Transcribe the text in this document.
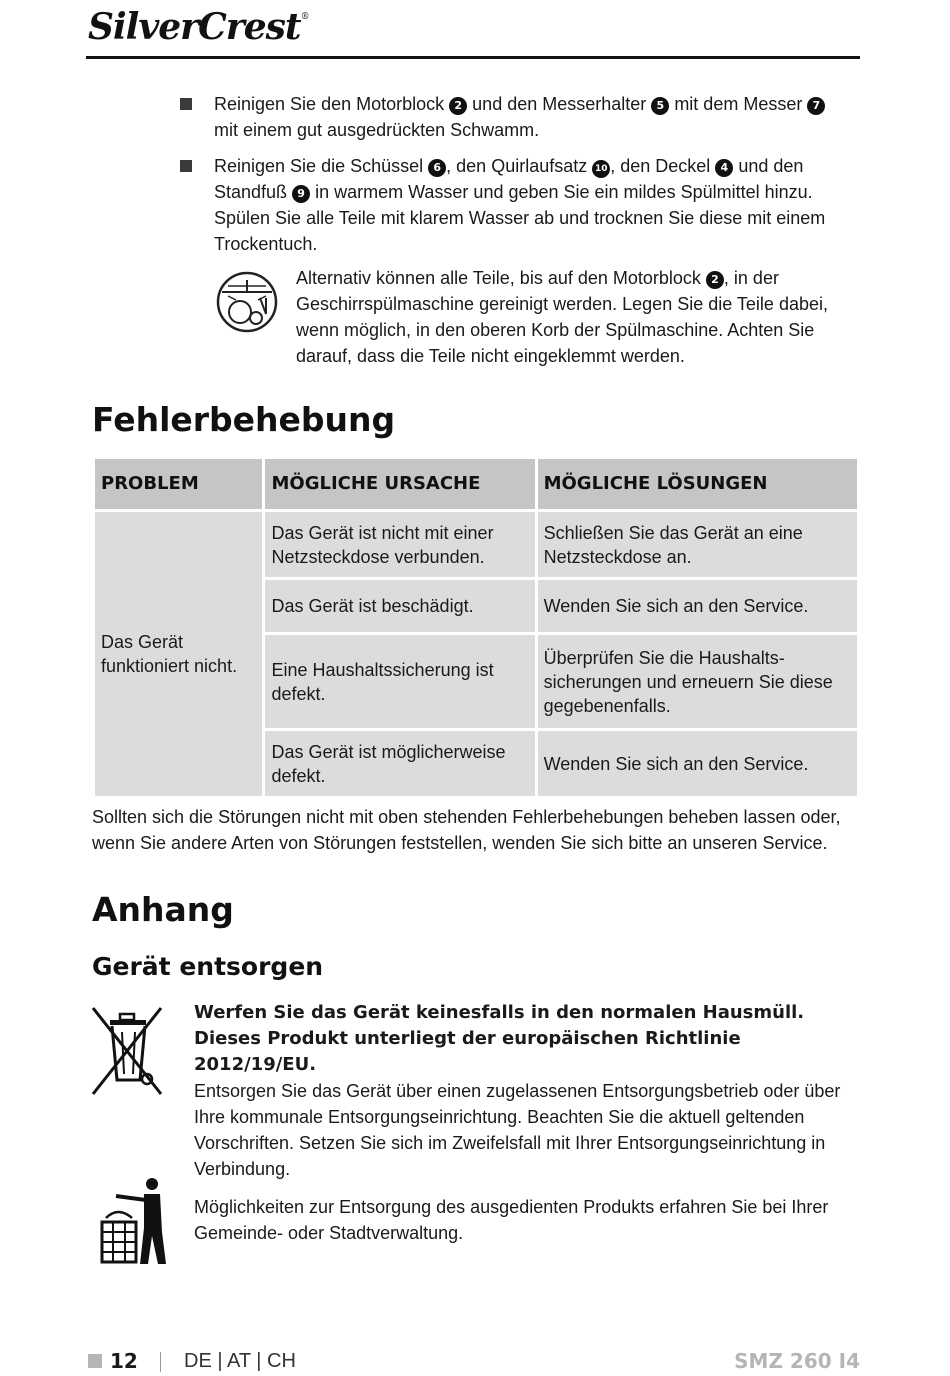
SilverCrest®
Reinigen Sie den Motorblock 2 und den Messerhalter 5 mit dem Messer 7 mit einem gut ausgedrückten Schwamm.
Reinigen Sie die Schüssel 6 , den Quirlaufsatz 10 , den Deckel 4 und den Standfuß 9 in warmem Wasser und geben Sie ein mildes Spülmittel hinzu. Spülen Sie alle Teile mit klarem Wasser ab und trocknen Sie diese mit einem Trockentuch.
Alternativ können alle Teile, bis auf den Motorblock 2 , in der Geschirrspülmaschine gereinigt werden. Legen Sie die Teile dabei, wenn möglich, in den oberen Korb der Spülmaschine. Achten Sie darauf, dass die Teile nicht eingeklemmt werden.
Fehlerbehebung
PROBLEM	MÖGLICHE URSACHE	MÖGLICHE LÖSUNGEN
Das Gerät funktioniert nicht.	Das Gerät ist nicht mit einer Netzsteckdose verbunden.	Schließen Sie das Gerät an eine Netzsteckdose an.
	Das Gerät ist beschädigt.	Wenden Sie sich an den Service.
	Eine Haushaltssicherung ist defekt.	Überprüfen Sie die Haushalts-sicherungen und erneuern Sie diese gegebenenfalls.
	Das Gerät ist möglicherweise defekt.	Wenden Sie sich an den Service.
Sollten sich die Störungen nicht mit oben stehenden Fehlerbehebungen beheben lassen oder, wenn Sie andere Arten von Störungen feststellen, wenden Sie sich bitte an unseren Service.
Anhang
Gerät entsorgen
Werfen Sie das Gerät keinesfalls in den normalen Hausmüll. Dieses Produkt unterliegt der europäischen Richtlinie 2012/19/EU.
Entsorgen Sie das Gerät über einen zugelassenen Entsorgungsbetrieb oder über Ihre kommunale Entsorgungseinrichtung. Beachten Sie die aktuell geltenden Vorschriften. Setzen Sie sich im Zweifelsfall mit Ihrer Entsorgungseinrichtung in Verbindung.
Möglichkeiten zur Entsorgung des ausgedienten Produkts erfahren Sie bei Ihrer Gemeinde- oder Stadtverwaltung.
12 DE | AT | CH	SMZ 260 I4
